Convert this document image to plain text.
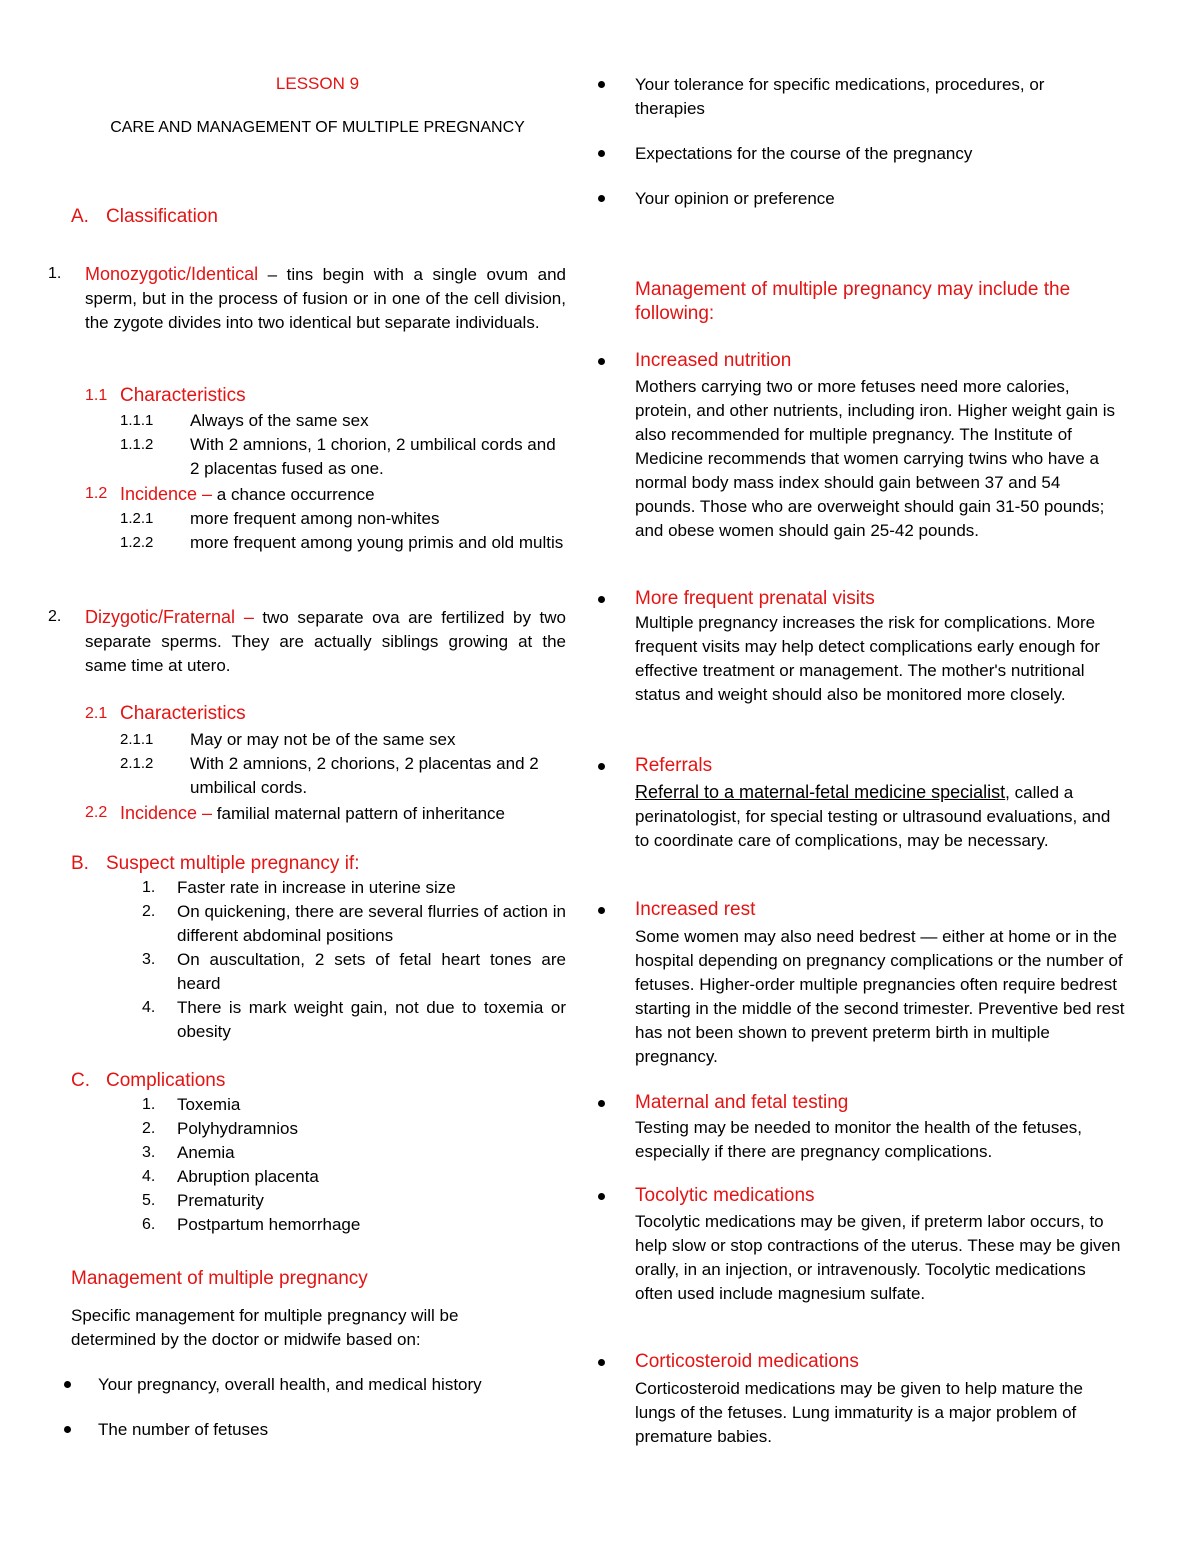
LESSON 9
CARE AND MANAGEMENT OF MULTIPLE PREGNANCY
A. Classification
1. Monozygotic/Identical – tins begin with a single ovum and sperm, but in the process of fusion or in one of the cell division, the zygote divides into two identical but separate individuals.
1.1 Characteristics
1.1.1 Always of the same sex
1.1.2 With 2 amnions, 1 chorion, 2 umbilical cords and 2 placentas fused as one.
1.2 Incidence – a chance occurrence
1.2.1 more frequent among non-whites
1.2.2 more frequent among young primis and old multis
2. Dizygotic/Fraternal – two separate ova are fertilized by two separate sperms. They are actually siblings growing at the same time at utero.
2.1 Characteristics
2.1.1 May or may not be of the same sex
2.1.2 With 2 amnions, 2 chorions, 2 placentas and 2 umbilical cords.
2.2 Incidence – familial maternal pattern of inheritance
B. Suspect multiple pregnancy if:
1. Faster rate in increase in uterine size
2. On quickening, there are several flurries of action in different abdominal positions
3. On auscultation, 2 sets of fetal heart tones are heard
4. There is mark weight gain, not due to toxemia or obesity
C. Complications
1. Toxemia
2. Polyhydramnios
3. Anemia
4. Abruption placenta
5. Prematurity
6. Postpartum hemorrhage
Management of multiple pregnancy
Specific management for multiple pregnancy will be determined by the doctor or midwife based on:
Your pregnancy, overall health, and medical history
The number of fetuses
Your tolerance for specific medications, procedures, or therapies
Expectations for the course of the pregnancy
Your opinion or preference
Management of multiple pregnancy may include the following:
Increased nutrition
Mothers carrying two or more fetuses need more calories, protein, and other nutrients, including iron. Higher weight gain is also recommended for multiple pregnancy. The Institute of Medicine recommends that women carrying twins who have a normal body mass index should gain between 37 and 54 pounds. Those who are overweight should gain 31-50 pounds; and obese women should gain 25-42 pounds.
More frequent prenatal visits
Multiple pregnancy increases the risk for complications. More frequent visits may help detect complications early enough for effective treatment or management. The mother's nutritional status and weight should also be monitored more closely.
Referrals
Referral to a maternal-fetal medicine specialist, called a perinatologist, for special testing or ultrasound evaluations, and to coordinate care of complications, may be necessary.
Increased rest
Some women may also need bedrest — either at home or in the hospital depending on pregnancy complications or the number of fetuses. Higher-order multiple pregnancies often require bedrest starting in the middle of the second trimester. Preventive bed rest has not been shown to prevent preterm birth in multiple pregnancy.
Maternal and fetal testing
Testing may be needed to monitor the health of the fetuses, especially if there are pregnancy complications.
Tocolytic medications
Tocolytic medications may be given, if preterm labor occurs, to help slow or stop contractions of the uterus. These may be given orally, in an injection, or intravenously. Tocolytic medications often used include magnesium sulfate.
Corticosteroid medications
Corticosteroid medications may be given to help mature the lungs of the fetuses. Lung immaturity is a major problem of premature babies.
